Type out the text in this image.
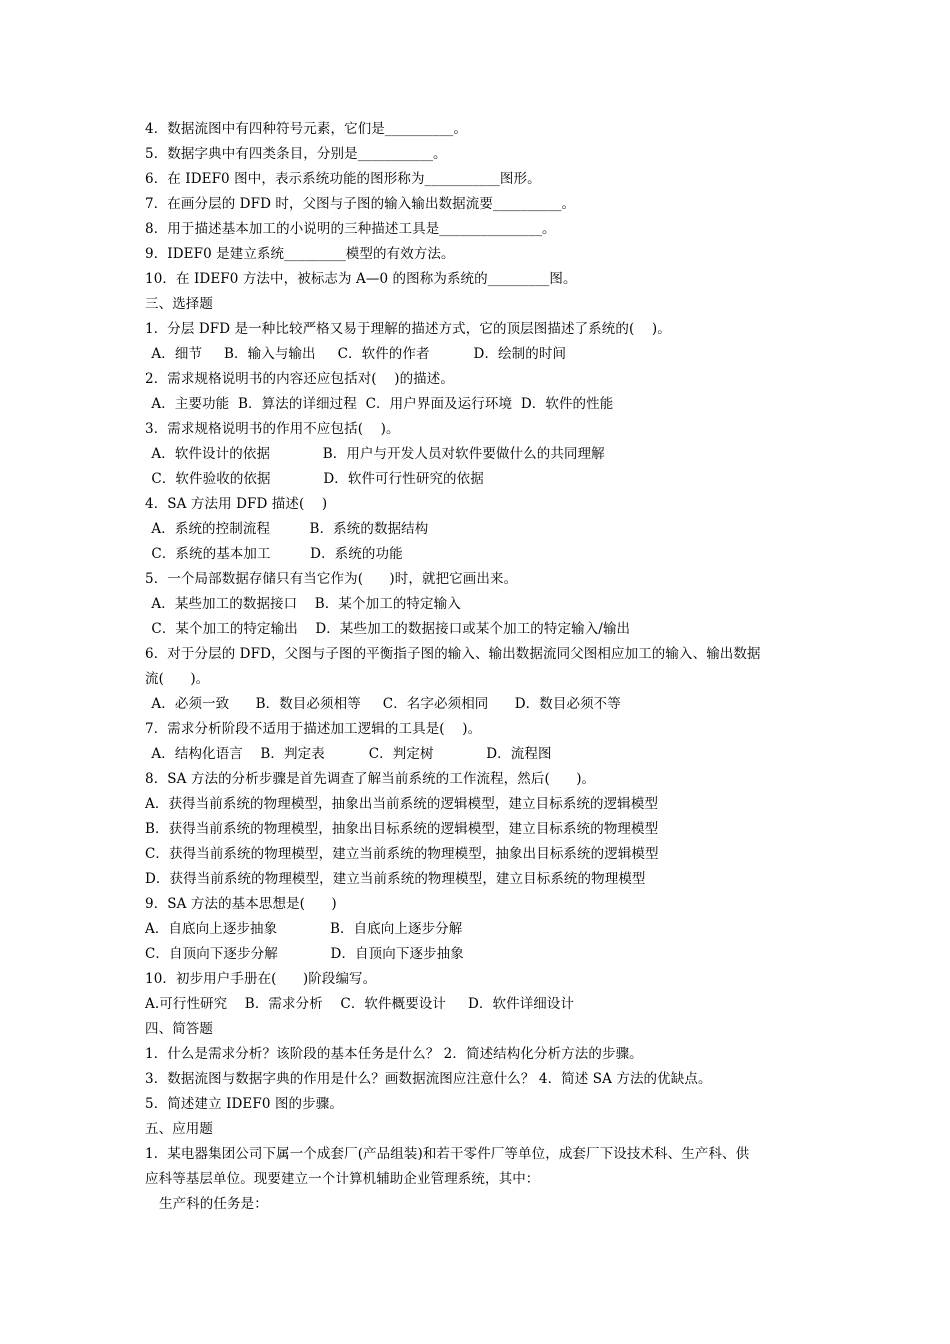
4．数据流图中有四种符号元素，它们是__________。
5．数据字典中有四类条目，分别是___________。
6．在 IDEF0 图中，表示系统功能的图形称为___________图形。
7．在画分层的 DFD 时，父图与子图的输入输出数据流要__________。
8．用于描述基本加工的小说明的三种描述工具是_______________。
9．IDEF0 是建立系统_________模型的有效方法。
10．在 IDEF0 方法中，被标志为 A—0 的图称为系统的_________图。
三、选择题
1．分层 DFD 是一种比较严格又易于理解的描述方式，它的顶层图描述了系统的(    )。
A．细节     B．输入与输出     C．软件的作者          D．绘制的时间
2．需求规格说明书的内容还应包括对(    )的描述。
A．主要功能  B．算法的详细过程  C．用户界面及运行环境  D．软件的性能
3．需求规格说明书的作用不应包括(    )。
A．软件设计的依据            B．用户与开发人员对软件要做什么的共同理解
C．软件验收的依据            D．软件可行性研究的依据
4．SA 方法用 DFD 描述(    )
A．系统的控制流程         B．系统的数据结构
C．系统的基本加工         D．系统的功能
5．一个局部数据存储只有当它作为(      )时，就把它画出来。
A．某些加工的数据接口    B．某个加工的特定输入
C．某个加工的特定输出    D．某些加工的数据接口或某个加工的特定输入/输出
6．对于分层的 DFD，父图与子图的平衡指子图的输入、输出数据流同父图相应加工的输入、输出数据
流(      )。
A．必须一致      B．数目必须相等     C．名字必须相同      D．数目必须不等
7．需求分析阶段不适用于描述加工逻辑的工具是(    )。
A．结构化语言    B．判定表          C．判定树            D．流程图
8．SA 方法的分析步骤是首先调查了解当前系统的工作流程，然后(      )。
A．获得当前系统的物理模型，抽象出当前系统的逻辑模型，建立目标系统的逻辑模型
B．获得当前系统的物理模型，抽象出目标系统的逻辑模型，建立目标系统的物理模型
C．获得当前系统的物理模型，建立当前系统的物理模型，抽象出目标系统的逻辑模型
D．获得当前系统的物理模型，建立当前系统的物理模型，建立目标系统的物理模型
9．SA 方法的基本思想是(      )
A．自底向上逐步抽象            B．自底向上逐步分解
C．自顶向下逐步分解            D．自顶向下逐步抽象
10．初步用户手册在(      )阶段编写。
A.可行性研究    B．需求分析    C．软件概要设计     D．软件详细设计
四、简答题
1．什么是需求分析？该阶段的基本任务是什么？ 2．简述结构化分析方法的步骤。
3．数据流图与数据字典的作用是什么？画数据流图应注意什么？ 4．简述 SA 方法的优缺点。
5．简述建立 IDEF0 图的步骤。
五、应用题
1．某电器集团公司下属一个成套厂(产品组装)和若干零件厂等单位，成套厂下设技术科、生产科、供
应科等基层单位。现要建立一个计算机辅助企业管理系统，其中：
生产科的任务是：
